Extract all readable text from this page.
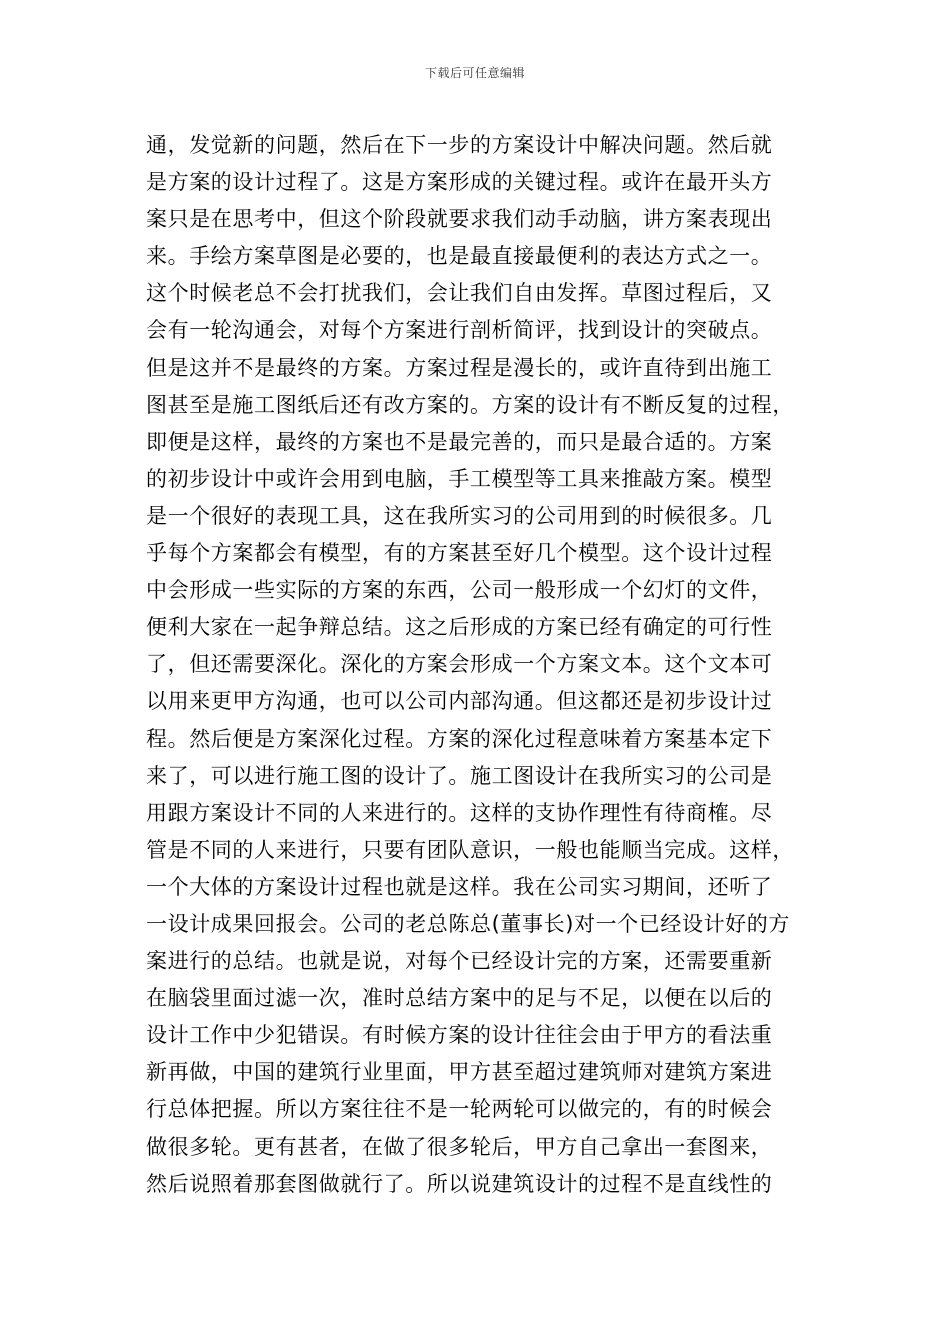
下载后可任意编辑
通，发觉新的问题，然后在下一步的方案设计中解决问题。然后就
是方案的设计过程了。这是方案形成的关键过程。或许在最开头方
案只是在思考中，但这个阶段就要求我们动手动脑，讲方案表现出
来。手绘方案草图是必要的，也是最直接最便利的表达方式之一。
这个时候老总不会打扰我们，会让我们自由发挥。草图过程后，又
会有一轮沟通会，对每个方案进行剖析简评，找到设计的突破点。
但是这并不是最终的方案。方案过程是漫长的，或许直待到出施工
图甚至是施工图纸后还有改方案的。方案的设计有不断反复的过程，
即便是这样，最终的方案也不是最完善的，而只是最合适的。方案
的初步设计中或许会用到电脑，手工模型等工具来推敲方案。模型
是一个很好的表现工具，这在我所实习的公司用到的时候很多。几
乎每个方案都会有模型，有的方案甚至好几个模型。这个设计过程
中会形成一些实际的方案的东西，公司一般形成一个幻灯的文件，
便利大家在一起争辩总结。这之后形成的方案已经有确定的可行性
了，但还需要深化。深化的方案会形成一个方案文本。这个文本可
以用来更甲方沟通，也可以公司内部沟通。但这都还是初步设计过
程。然后便是方案深化过程。方案的深化过程意味着方案基本定下
来了，可以进行施工图的设计了。施工图设计在我所实习的公司是
用跟方案设计不同的人来进行的。这样的支协作理性有待商榷。尽
管是不同的人来进行，只要有团队意识，一般也能顺当完成。这样，
一个大体的方案设计过程也就是这样。我在公司实习期间，还听了
一设计成果回报会。公司的老总陈总(董事长)对一个已经设计好的方
案进行的总结。也就是说，对每个已经设计完的方案，还需要重新
在脑袋里面过滤一次，准时总结方案中的足与不足，以便在以后的
设计工作中少犯错误。有时候方案的设计往往会由于甲方的看法重
新再做，中国的建筑行业里面，甲方甚至超过建筑师对建筑方案进
行总体把握。所以方案往往不是一轮两轮可以做完的，有的时候会
做很多轮。更有甚者，在做了很多轮后，甲方自己拿出一套图来，
然后说照着那套图做就行了。所以说建筑设计的过程不是直线性的
